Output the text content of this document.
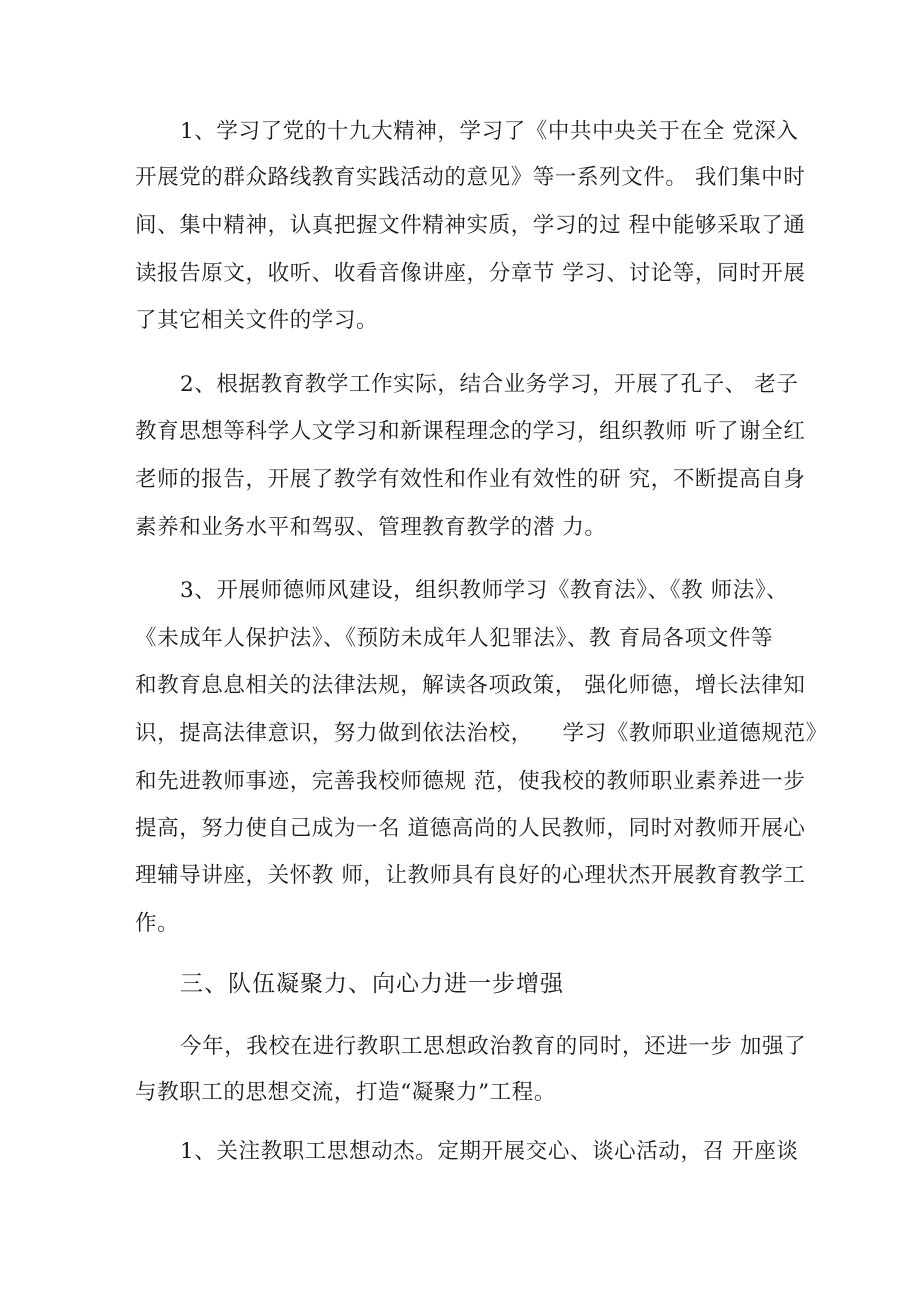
1、学习了党的十九大精神，学习了《中共中央关于在全 党深入
开展党的群众路线教育实践活动的意见》等一系列文件。 我们集中时
间、集中精神，认真把握文件精神实质，学习的过 程中能够采取了通
读报告原文，收听、收看音像讲座，分章节 学习、讨论等，同时开展
了其它相关文件的学习。
2、根据教育教学工作实际，结合业务学习，开展了孔子、 老子
教育思想等科学人文学习和新课程理念的学习，组织教师 听了谢全红
老师的报告，开展了教学有效性和作业有效性的研 究，不断提高自身
素养和业务水平和驾驭、管理教育教学的潜 力。
3、开展师德师风建设，组织教师学习《教育法》、《教 师法》、
《未成年人保护法》、《预防未成年人犯罪法》、教 育局各项文件等
和教育息息相关的法律法规，解读各项政策， 强化师德，增长法律知
识，提高法律意识，努力做到依法治校，    学习《教师职业道德规范》
和先进教师事迹，完善我校师德规 范，使我校的教师职业素养进一步
提高，努力使自己成为一名 道德高尚的人民教师，同时对教师开展心
理辅导讲座，关怀教 师，让教师具有良好的心理状杰开展教育教学工
作。
三、队伍凝聚力、向心力进一步增强
今年，我校在进行教职工思想政治教育的同时，还进一步 加强了
与教职工的思想交流，打造“凝聚力”工程。
1、关注教职工思想动杰。定期开展交心、谈心活动，召 开座谈
